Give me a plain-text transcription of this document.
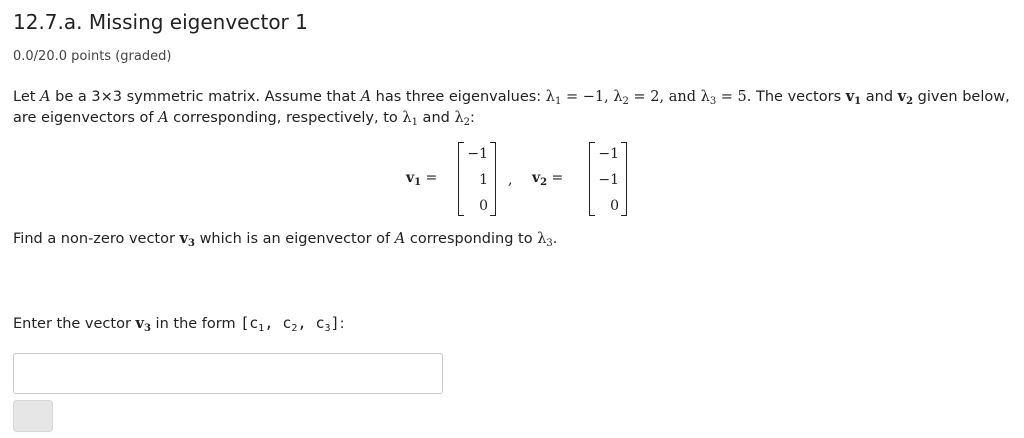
12.7.a. Missing eigenvector 1
0.0/20.0 points (graded)
Let A be a 3×3 symmetric matrix. Assume that A has three eigenvalues: $\lambda_1 = -1$, $\lambda_2 = 2$, and $\lambda_3 = 5$. The vectors $v_1$ and $v_2$ given below, are eigenvectors of A corresponding, respectively, to $\lambda_1$ and $\lambda_2$:
$v_1$ =
−1
1
0
, $v_2$ =
−1
−1
0
Find a non-zero vector $v_3$ which is an eigenvector of A corresponding to $\lambda_3$.
Enter the vector $v_3$ in the form [$c_1$, $c_2$, $c_3$]:
